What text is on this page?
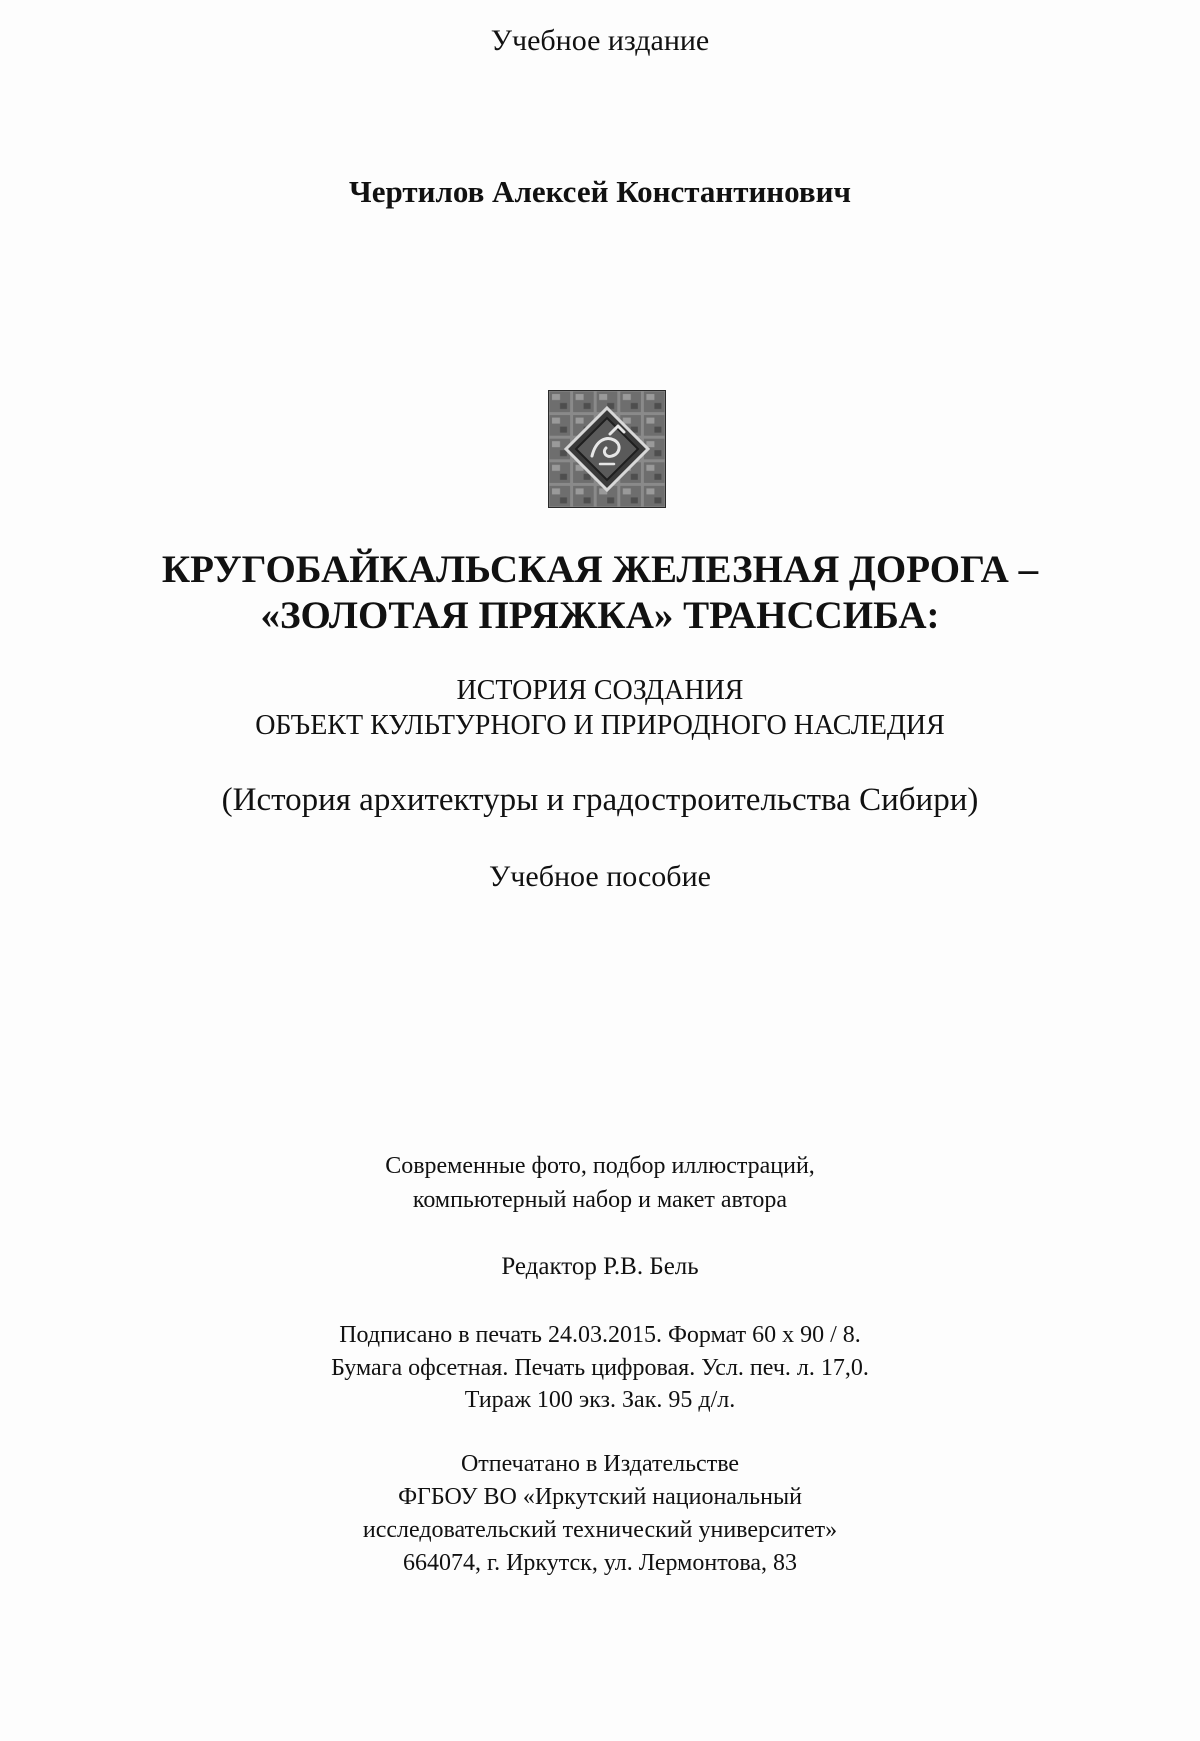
Учебное издание
Чертилов Алексей Константинович
КРУГОБАЙКАЛЬСКАЯ ЖЕЛЕЗНАЯ ДОРОГА –
«ЗОЛОТАЯ ПРЯЖКА» ТРАНССИБА:
ИСТОРИЯ СОЗДАНИЯ
ОБЪЕКТ КУЛЬТУРНОГО И ПРИРОДНОГО НАСЛЕДИЯ
(История архитектуры и градостроительства Сибири)
Учебное пособие
Современные фото, подбор иллюстраций,
компьютерный набор и макет автора
Редактор Р.В. Бель
Подписано в печать 24.03.2015. Формат 60 х 90 / 8.
Бумага офсетная. Печать цифровая. Усл. печ. л. 17,0.
Тираж 100 экз. Зак. 95 д/л.
Отпечатано в Издательстве
ФГБОУ ВО «Иркутский национальный
исследовательский технический университет»
664074, г. Иркутск, ул. Лермонтова, 83
